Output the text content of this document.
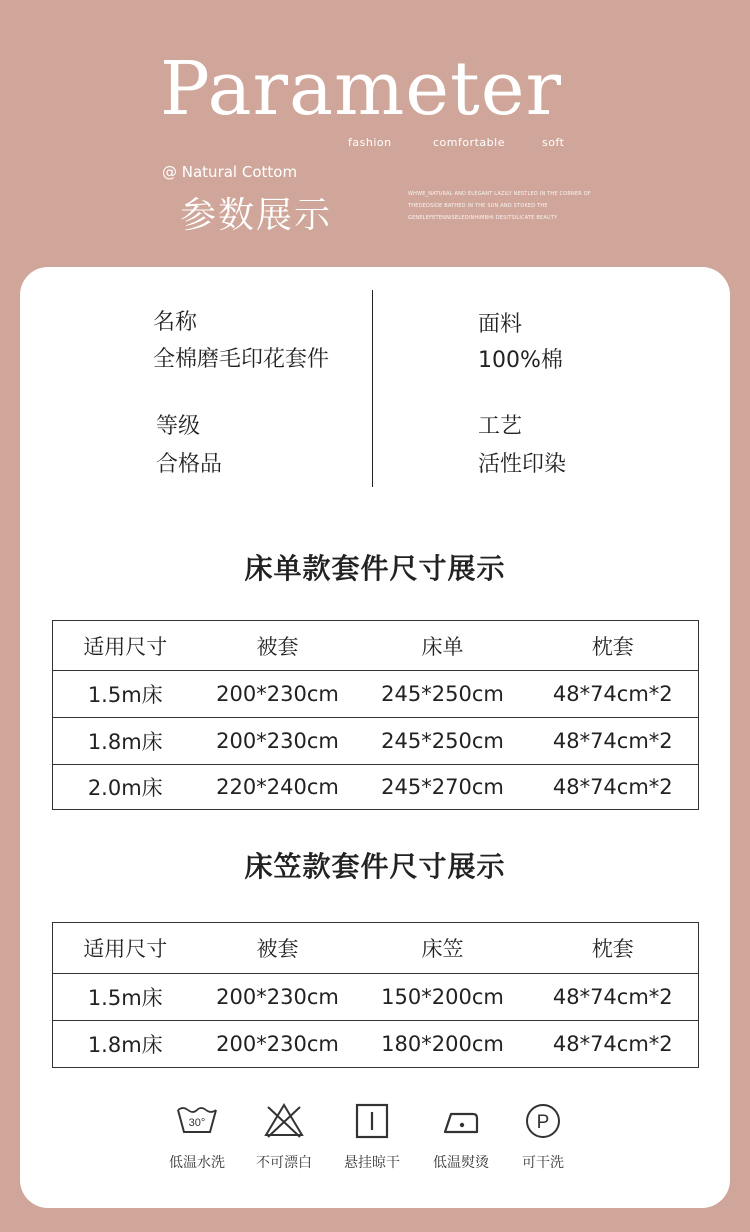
Parameter
fashion	comfortable	soft
@ Natural Cottom
参数展示
WHWE_NATURAL AND ELEGANT LAZILY NESTLED IN THE CORNER OF THEDEDSIDE BATHED IN THE SUN AND STOKED THE GENELEFETENNISELEDINHIMBHI DESITSILICATE BEAUTY
名称
全棉磨毛印花套件
面料
100%棉
等级
合格品
工艺
活性印染
床单款套件尺寸展示
适用尺寸	被套	床单	枕套
1.5m床	200*230cm	245*250cm	48*74cm*2
1.8m床	200*230cm	245*250cm	48*74cm*2
2.0m床	220*240cm	245*270cm	48*74cm*2
床笠款套件尺寸展示
适用尺寸	被套	床笠	枕套
1.5m床	200*230cm	150*200cm	48*74cm*2
1.8m床	200*230cm	180*200cm	48*74cm*2
30°
低温水洗	不可漂白	悬挂晾干	低温熨烫
P
可干洗
